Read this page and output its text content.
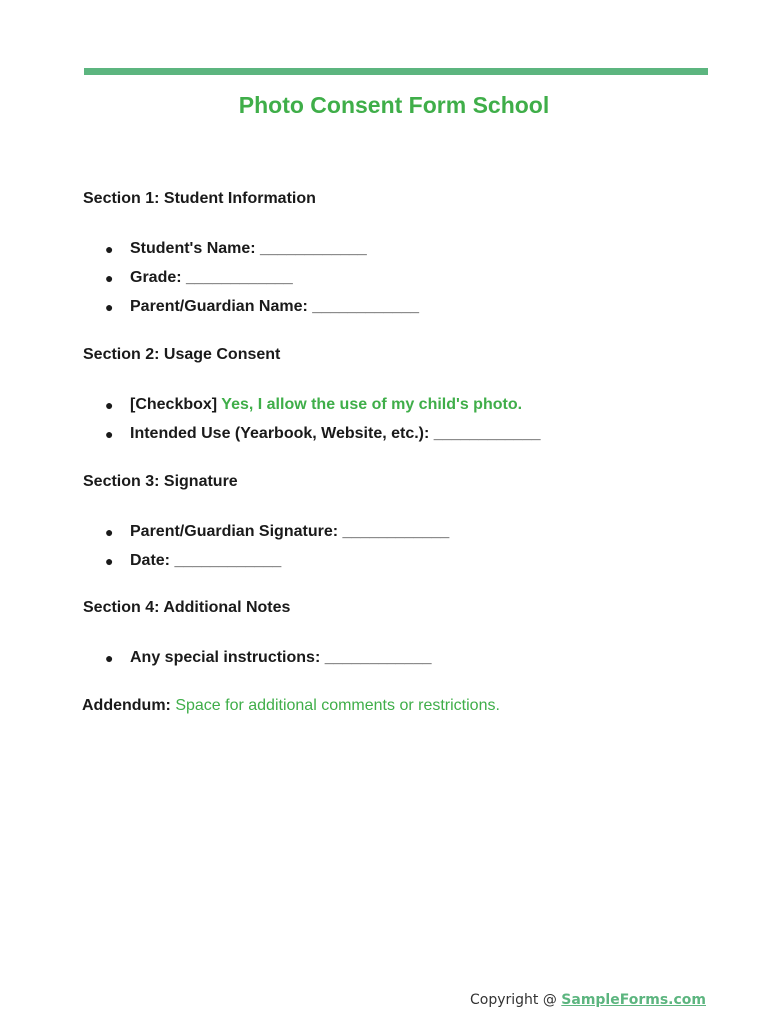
Photo Consent Form School
Section 1: Student Information
● Student's Name: ____________
● Grade: ____________
● Parent/Guardian Name: ____________
Section 2: Usage Consent
● [Checkbox] Yes, I allow the use of my child's photo.
● Intended Use (Yearbook, Website, etc.): ____________
Section 3: Signature
● Parent/Guardian Signature: ____________
● Date: ____________
Section 4: Additional Notes
● Any special instructions: ____________
Addendum: Space for additional comments or restrictions.
Copyright @ SampleForms.com
